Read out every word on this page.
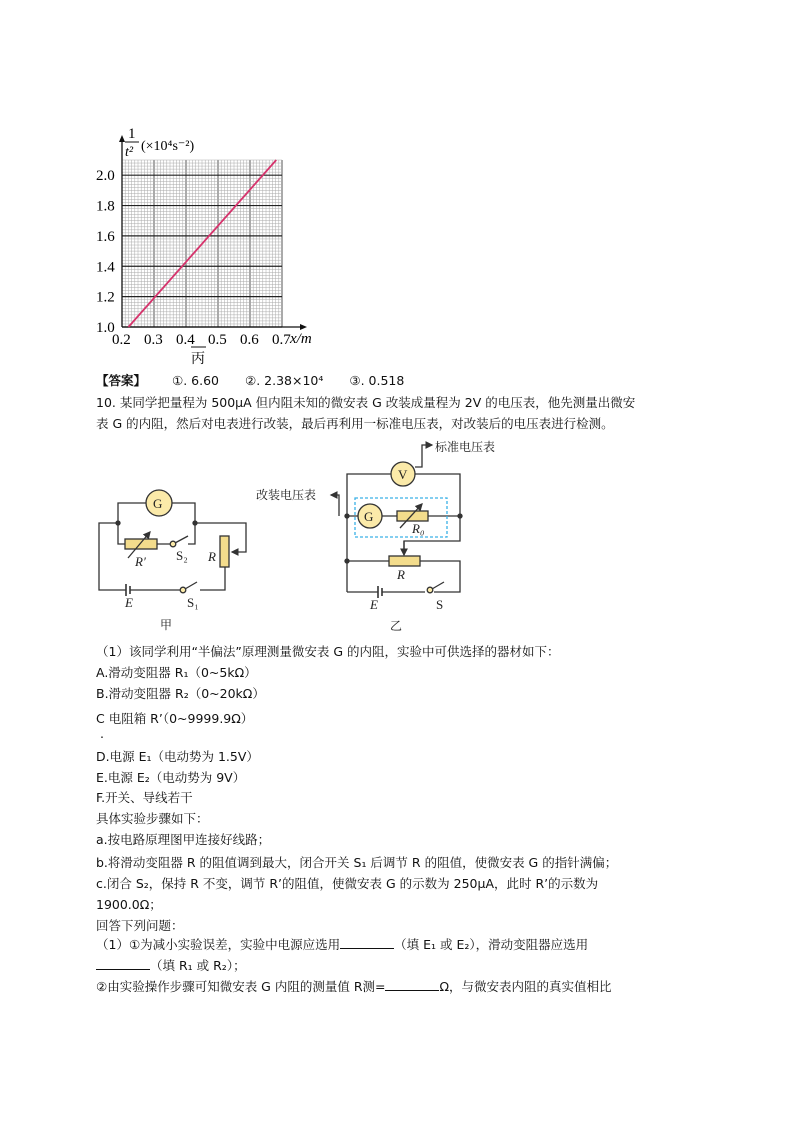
1
t² (×10⁴s⁻²)
x/m
丙
0.2 0.3 0.4 0.5 0.6 0.7
1.0
1.2
1.4
1.6
1.8
2.0
【答案】 ①. 6.60 ②. 2.38×10⁴ ③. 0.518
10. 某同学把量程为 500μA 但内阻未知的微安表 G 改装成量程为 2V 的电压表，他先测量出微安
表 G 的内阻，然后对电表进行改装，最后再利用一标准电压表，对改装后的电压表进行检测。
G
R′ S₂ R
E	S₁
甲
V
标准电压表
改装电压表
G
R₀
R
E	S
乙
（1）该同学利用“半偏法”原理测量微安表 G 的内阻，实验中可供选择的器材如下：
A.滑动变阻器 R₁（0~5kΩ）
B.滑动变阻器 R₂（0~20kΩ）
C 电阻箱 R’（0~9999.9Ω）
.
D.电源 E₁（电动势为 1.5V）
E.电源 E₂（电动势为 9V）
F.开关、导线若干
具体实验步骤如下：
a.按电路原理图甲连接好线路；
b.将滑动变阻器 R 的阻值调到最大，闭合开关 S₁ 后调节 R 的阻值，使微安表 G 的指针满偏；
c.闭合 S₂，保持 R 不变，调节 R’的阻值，使微安表 G 的示数为 250μA，此时 R’的示数为
1900.0Ω；
回答下列问题：
（1）①为减小实验误差，实验中电源应选用	（填 E₁ 或 E₂），滑动变阻器应选用
（填 R₁ 或 R₂）；
②由实验操作步骤可知微安表 G 内阻的测量值 R测=	Ω，与微安表内阻的真实值相比
